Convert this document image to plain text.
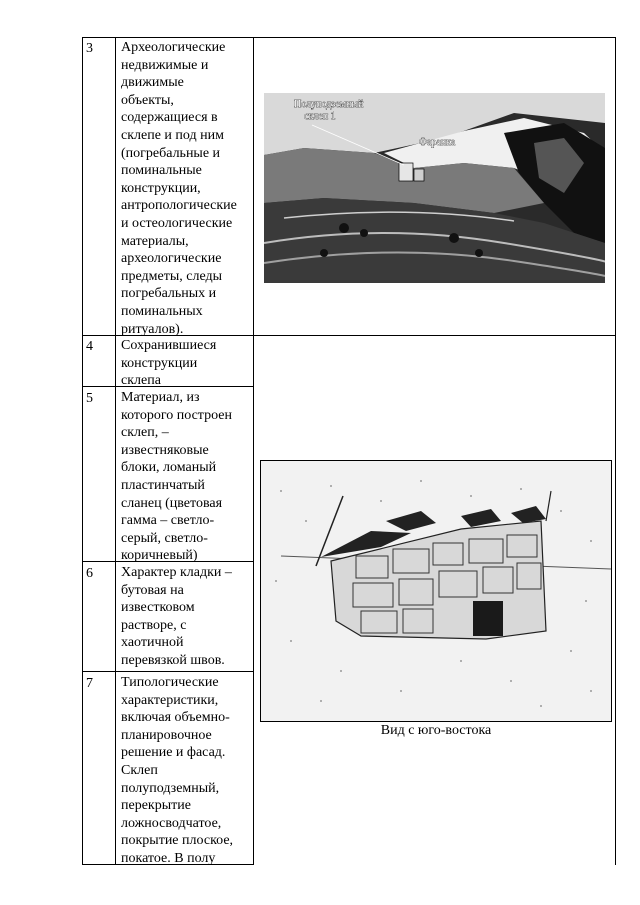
3
4
5
6
7
Археологические
недвижимые и
движимые
объекты,
содержащиеся в
склепе и под ним
(погребальные и
поминальные
конструкции,
антропологические
и остеологические
материалы,
археологические
предметы, следы
погребальных и
поминальных
ритуалов).
Сохранившиеся
конструкции
склепа
Материал, из
которого построен
склеп, –
известняковые
блоки, ломаный
пластинчатый
сланец (цветовая
гамма – светло-
серый, светло-
коричневый)
Характер кладки –
бутовая на
известковом
растворе, с
хаотичной
перевязкой швов.
Типологические
характеристики,
включая объемно-
планировочное
решение и фасад.
Склеп
полуподземный,
перекрытие
ложносводчатое,
покрытие плоское,
покатое. В полу
Полуподземный
склеп 1
Фаранка
Вид с юго-востока
